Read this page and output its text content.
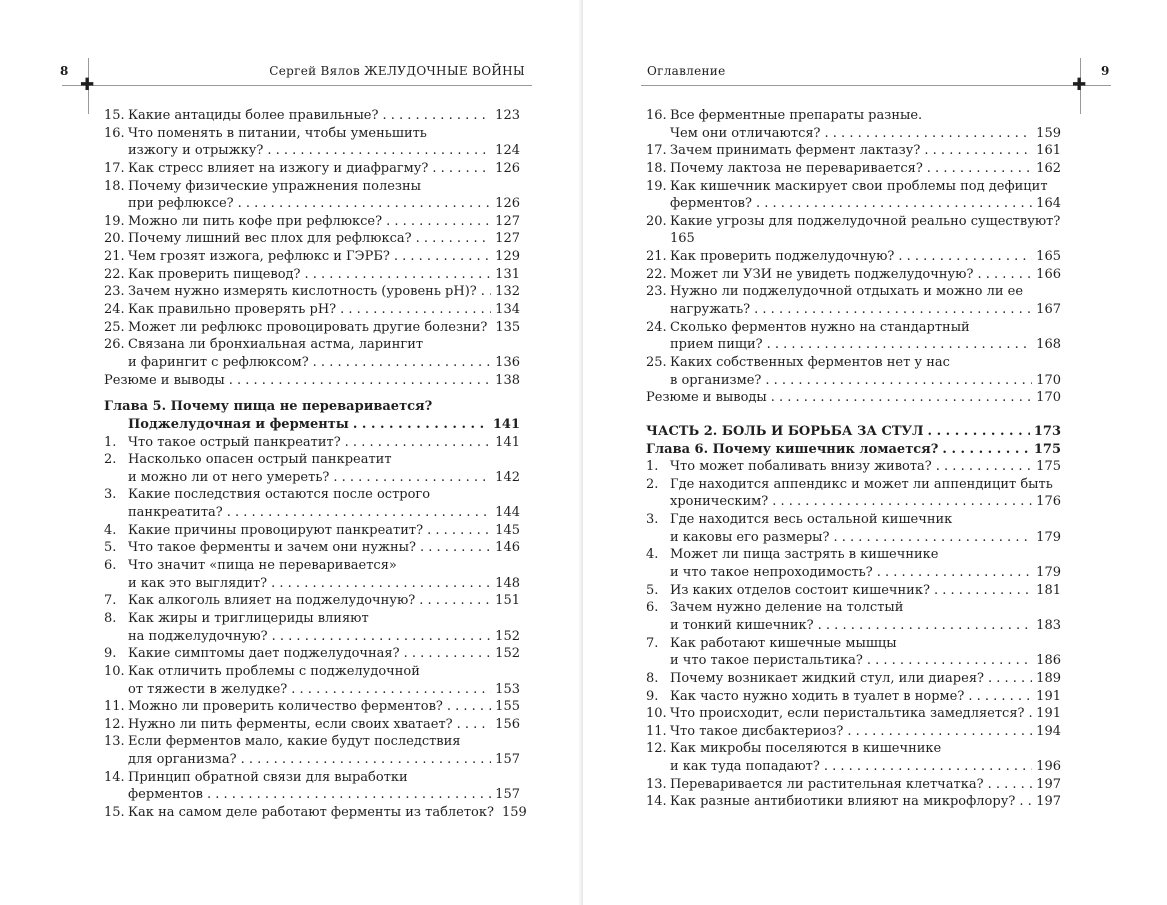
8	Сергей Вялов ЖЕЛУДОЧНЫЕ ВОЙНЫ
✚
15. Какие антациды более правильные? . . .	123
16. Что поменять в питании, чтобы уменьшить
изжогу и отрыжку? . . .	124
17. Как стресс влияет на изжогу и диафрагму? . . .	126
18. Почему физические упражнения полезны
при рефлюксе? . . .	126
19. Можно ли пить кофе при рефлюксе? . . .	127
20. Почему лишний вес плох для рефлюкса? . . .	127
21. Чем грозят изжога, рефлюкс и ГЭРБ? . . .	129
22. Как проверить пищевод? . . .	131
23. Зачем нужно измерять кислотность (уровень pH)? . . . 132
24. Как правильно проверять pH? . . .	134
25. Может ли рефлюкс провоцировать другие болезни? 135
26. Связана ли бронхиальная астма, ларингит
и фарингит с рефлюксом? . . .	136
Резюме и выводы . . .	138
Глава 5. Почему пища не переваривается?
Поджелудочная и ферменты . . .	141
1. Что такое острый панкреатит? . . .	141
2. Насколько опасен острый панкреатит
и можно ли от него умереть? . . .	142
3. Какие последствия остаются после острого
панкреатита? . . .	144
4. Какие причины провоцируют панкреатит? . . .	145
5. Что такое ферменты и зачем они нужны? . . .	146
6. Что значит «пища не переваривается»
и как это выглядит? . . .	148
7. Как алкоголь влияет на поджелудочную? . . .	151
8. Как жиры и триглицериды влияют
на поджелудочную? . . .	152
9. Какие симптомы дает поджелудочная? . . .	152
10. Как отличить проблемы с поджелудочной
от тяжести в желудке? . . .	153
11. Можно ли проверить количество ферментов? . . .	155
12. Нужно ли пить ферменты, если своих хватает? . . .	156
13. Если ферментов мало, какие будут последствия
для организма? . . .	157
14. Принцип обратной связи для выработки
ферментов . . .	157
15. Как на самом деле работают ферменты из таблеток? 159
Оглавление	9
✚
16. Все ферментные препараты разные.
Чем они отличаются? . . .	159
17. Зачем принимать фермент лактазу? . . .	161
18. Почему лактоза не переваривается? . . .	162
19. Как кишечник маскирует свои проблемы под дефицит
ферментов? . . .	164
20. Какие угрозы для поджелудочной реально существуют?
165
21. Как проверить поджелудочную? . . .	165
22. Может ли УЗИ не увидеть поджелудочную? . . .	166
23. Нужно ли поджелудочной отдыхать и можно ли ее
нагружать? . . .	167
24. Сколько ферментов нужно на стандартный
прием пищи? . . .	168
25. Каких собственных ферментов нет у нас
в организме? . . .	170
Резюме и выводы . . .	170
ЧАСТЬ 2. БОЛЬ И БОРЬБА ЗА СТУЛ . . .	173
Глава 6. Почему кишечник ломается? . . .	175
1. Что может побаливать внизу живота? . . .	175
2. Где находится аппендикс и может ли аппендицит быть
хроническим? . . .	176
3. Где находится весь остальной кишечник
и каковы его размеры? . . .	179
4. Может ли пища застрять в кишечнике
и что такое непроходимость? . . .	179
5. Из каких отделов состоит кишечник? . . .	181
6. Зачем нужно деление на толстый
и тонкий кишечник? . . .	183
7. Как работают кишечные мышцы
и что такое перистальтика? . . .	186
8. Почему возникает жидкий стул, или диарея? . . .	189
9. Как часто нужно ходить в туалет в норме? . . .	191
10. Что происходит, если перистальтика замедляется? . . . 191
11. Что такое дисбактериоз? . . .	194
12. Как микробы поселяются в кишечнике
и как туда попадают? . . .	196
13. Переваривается ли растительная клетчатка? . . .	197
14. Как разные антибиотики влияют на микрофлору? . . . 197
